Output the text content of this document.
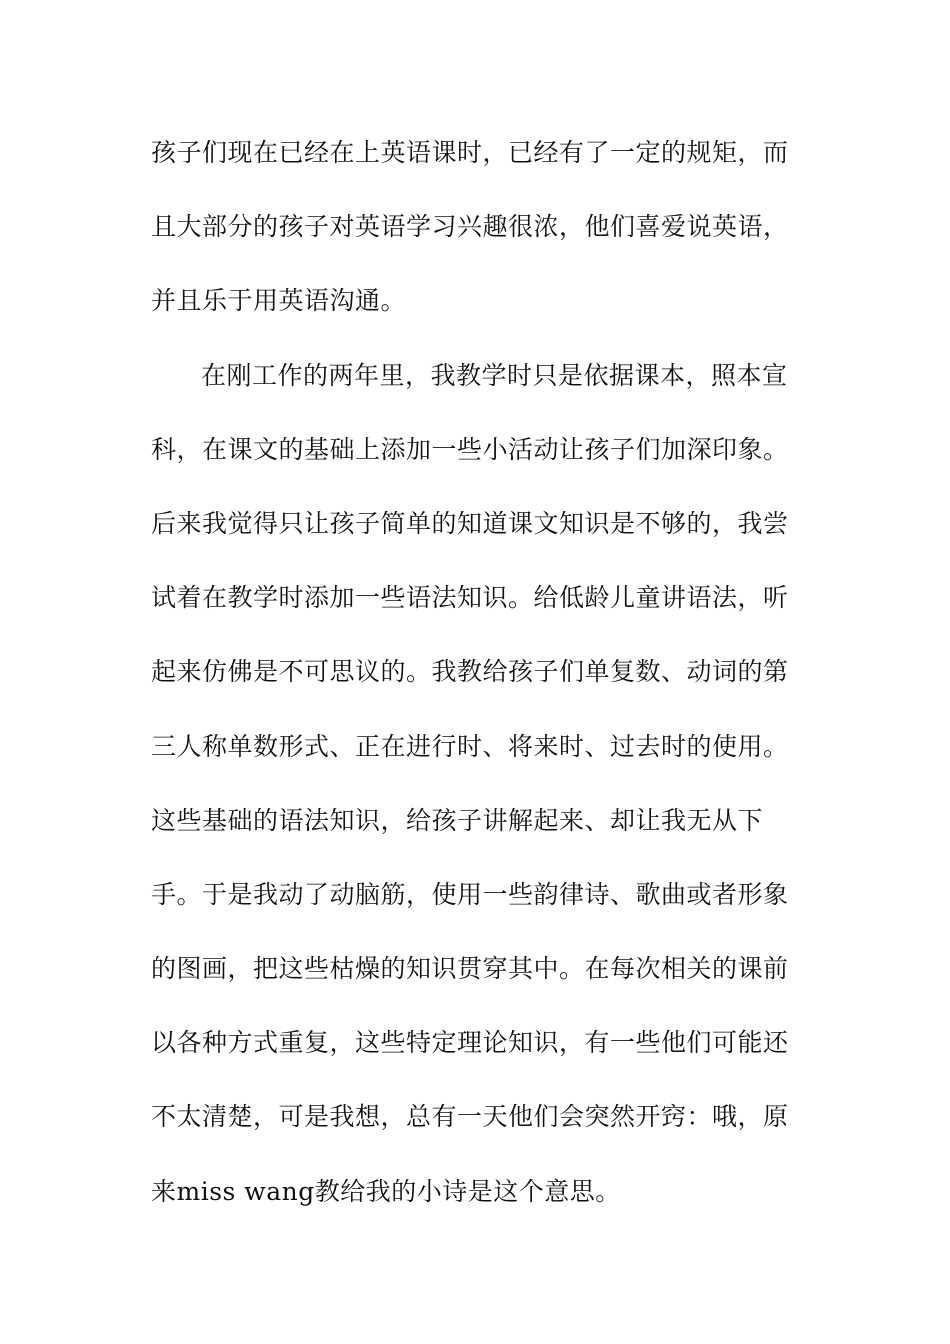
孩子们现在已经在上英语课时，已经有了一定的规矩，而
且大部分的孩子对英语学习兴趣很浓，他们喜爱说英语，
并且乐于用英语沟通。
在刚工作的两年里，我教学时只是依据课本，照本宣
科，在课文的基础上添加一些小活动让孩子们加深印象。
后来我觉得只让孩子简单的知道课文知识是不够的，我尝
试着在教学时添加一些语法知识。给低龄儿童讲语法，听
起来仿佛是不可思议的。我教给孩子们单复数、动词的第
三人称单数形式、正在进行时、将来时、过去时的使用。
这些基础的语法知识，给孩子讲解起来、却让我无从下
手。于是我动了动脑筋，使用一些韵律诗、歌曲或者形象
的图画，把这些枯燥的知识贯穿其中。在每次相关的课前
以各种方式重复，这些特定理论知识，有一些他们可能还
不太清楚，可是我想，总有一天他们会突然开窍：哦，原
来miss wang教给我的小诗是这个意思。
